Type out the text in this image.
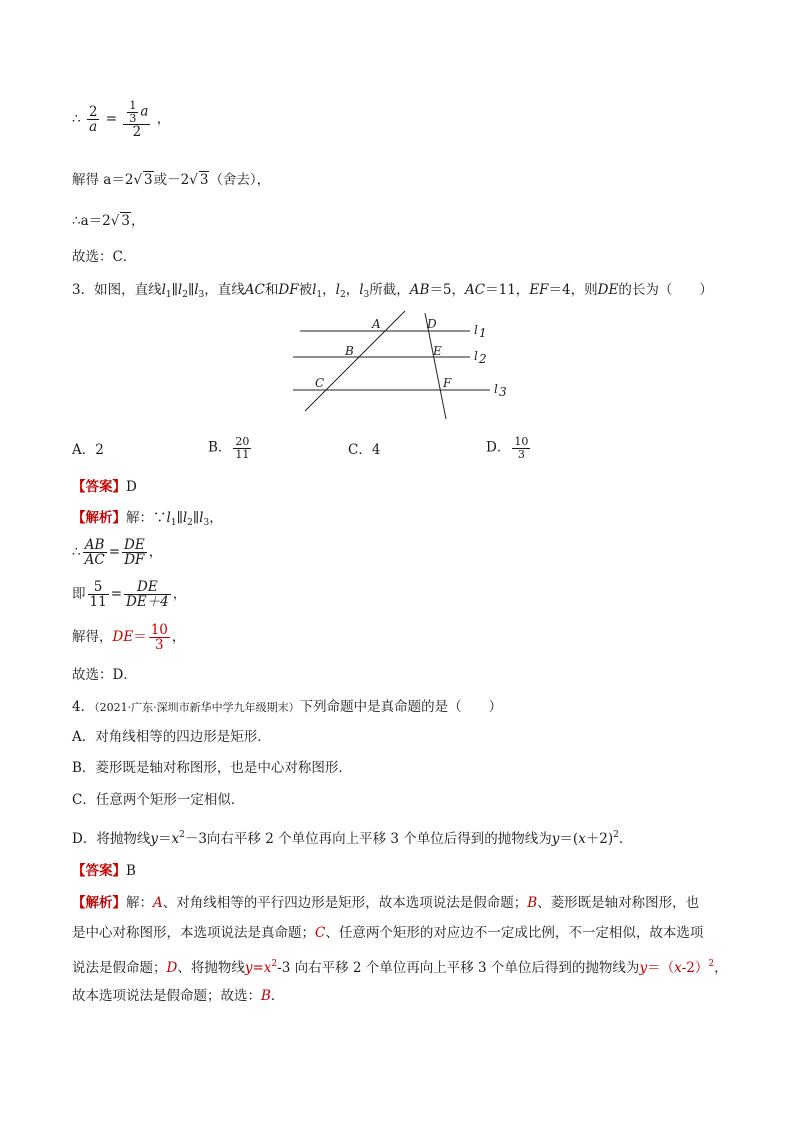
∴ $\frac{2}{a} = \frac{\frac{1}{3} a}{2}$ ，
解得 a＝2√ 3或－2√ 3（舍去），
∴a＝2√ 3，
故选：C．
3．如图，直线$l_1\parallel l_2\parallel l_3$，直线AC和DF被$l_1$，$l_2$，$l_3$所截，AB＝5，AC＝11，EF＝4，则DE的长为（　　）
A	D
B	E
C	F
l 1
l 2
l 3
A．2	B． $\frac{20}{11}$	C．4	D． $\frac{10}{3}$
【答案】D
【解析】解：$\because l_1\parallel l_2\parallel l_3$，
∴ $\frac{AB}{AC} = \frac{DE}{DF}$ ，
即 $\frac{5}{11} = \frac{DE}{DE+4}$ ，
解得，$DE= \frac{10}{3}$ ，
故选：D．
4．（2021·广东·深圳市新华中学九年级期末）下列命题中是真命题的是（　　）
A．对角线相等的四边形是矩形．
B．菱形既是轴对称图形，也是中心对称图形．
C．任意两个矩形一定相似．
D．将抛物线$y=x^2-3$向右平移 2 个单位再向上平移 3 个单位后得到的抛物线为$y=(x+2)^2$．
【答案】B
【解析】解：A、对角线相等的平行四边形是矩形，故本选项说法是假命题；B、菱形既是轴对称图形，也
是中心对称图形，本选项说法是真命题；C、任意两个矩形的对应边不一定成比例，不一定相似，故本选项
说法是假命题；D、将抛物线$y=x^2-3$ 向右平移 2 个单位再向上平移 3 个单位后得到的抛物线为$y=(x-2)^2$，
故本选项说法是假命题；故选：B．
